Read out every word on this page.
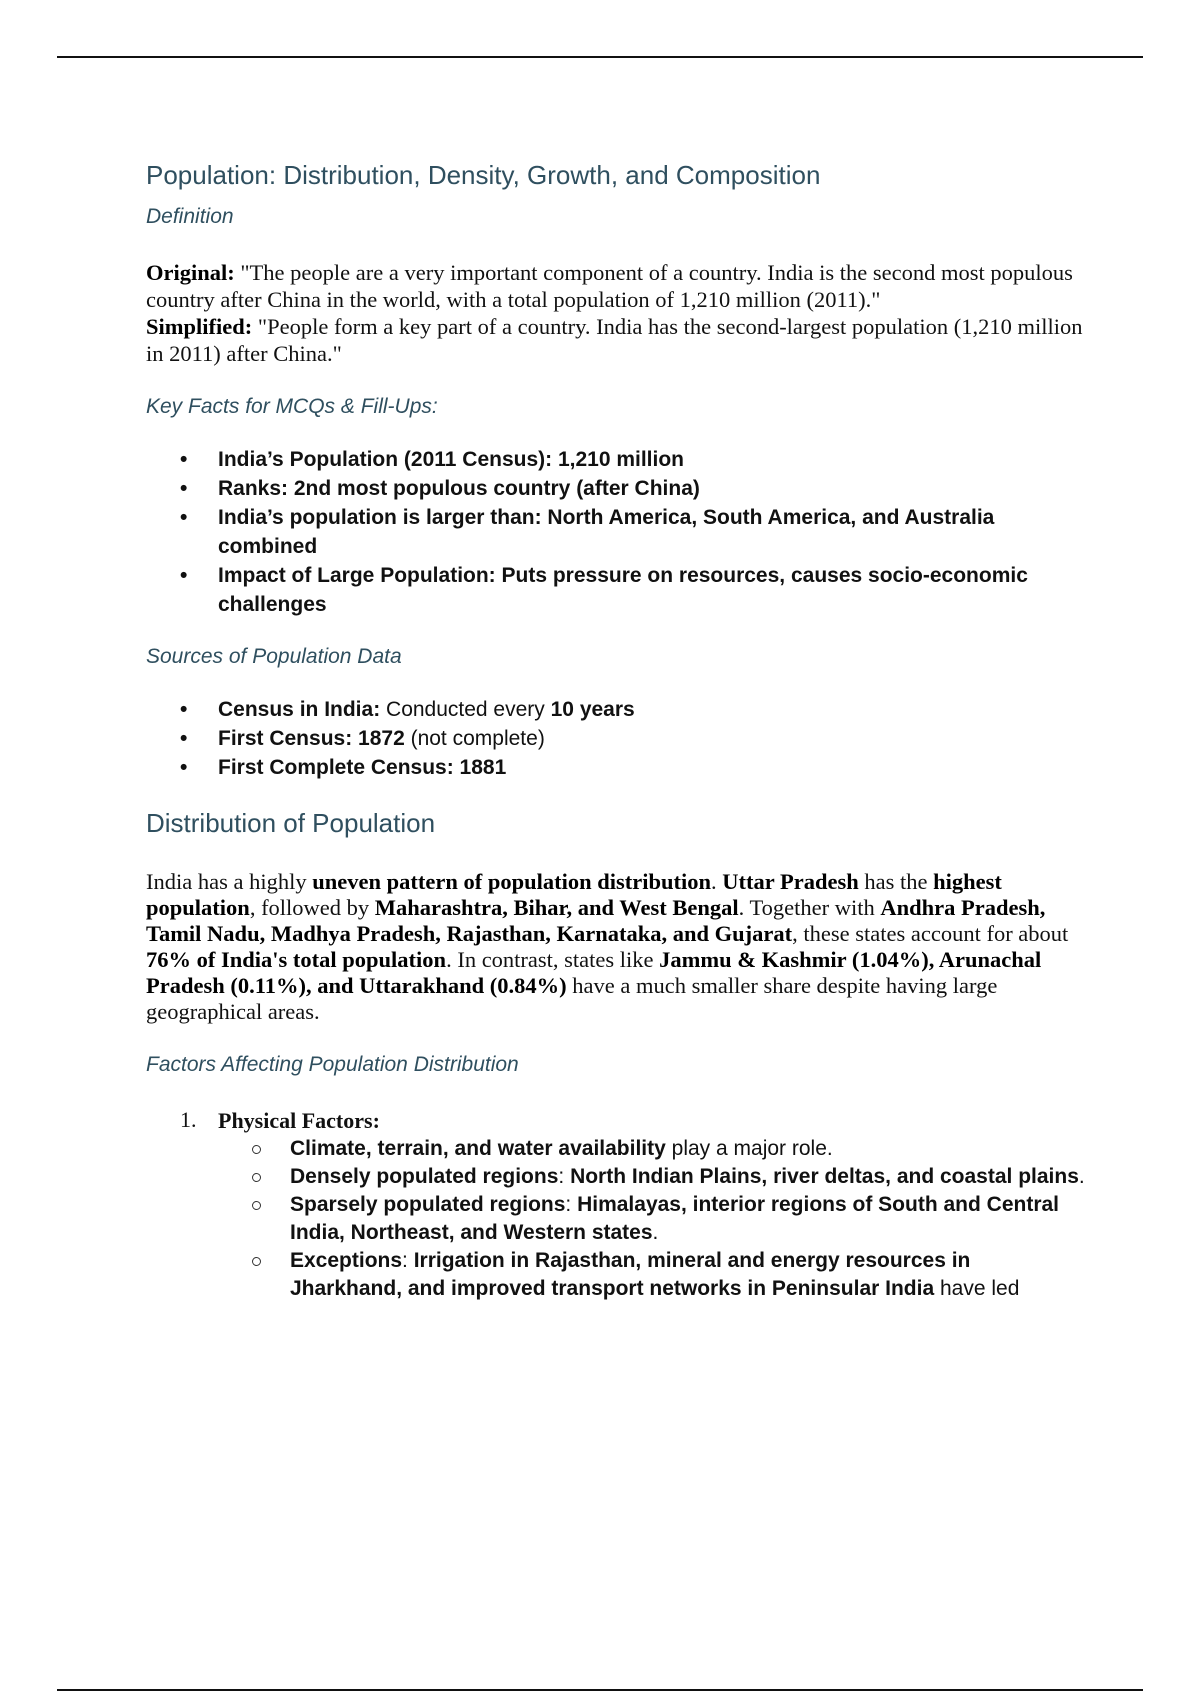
Population: Distribution, Density, Growth, and Composition
Definition
Original: "The people are a very important component of a country. India is the second most populous country after China in the world, with a total population of 1,210 million (2011)."
Simplified: "People form a key part of a country. India has the second-largest population (1,210 million in 2011) after China."
Key Facts for MCQs & Fill-Ups:
• India’s Population (2011 Census): 1,210 million
• Ranks: 2nd most populous country (after China)
• India’s population is larger than: North America, South America, and Australia combined
• Impact of Large Population: Puts pressure on resources, causes socio-economic challenges
Sources of Population Data
• Census in India: Conducted every 10 years
• First Census: 1872 (not complete)
• First Complete Census: 1881
Distribution of Population

India has a highly uneven pattern of population distribution. Uttar Pradesh has the highest population, followed by Maharashtra, Bihar, and West Bengal. Together with Andhra Pradesh, Tamil Nadu, Madhya Pradesh, Rajasthan, Karnataka, and Gujarat, these states account for about 76% of India's total population. In contrast, states like Jammu & Kashmir (1.04%), Arunachal Pradesh (0.11%), and Uttarakhand (0.84%) have a much smaller share despite having large geographical areas.

Factors Affecting Population Distribution
1. Physical Factors:
Climate, terrain, and water availability play a major role.
Densely populated regions: North Indian Plains, river deltas, and coastal plains.
Sparsely populated regions: Himalayas, interior regions of South and Central India, Northeast, and Western states.
Exceptions: Irrigation in Rajasthan, mineral and energy resources in Jharkhand, and improved transport networks in Peninsular India have led
